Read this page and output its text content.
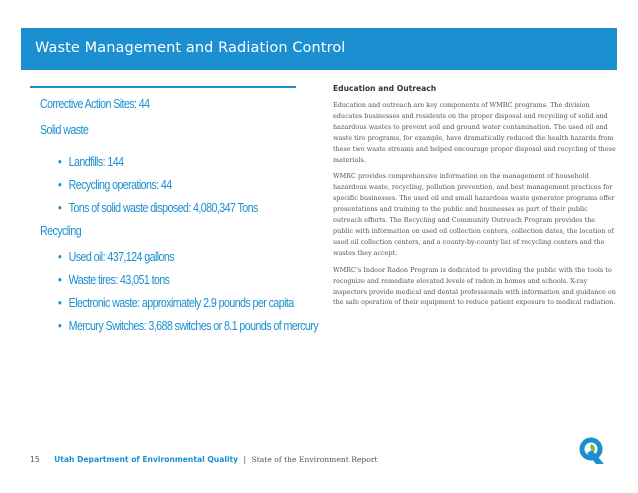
Waste Management and Radiation Control
Corrective Action Sites: 44
Solid waste
• Landfills: 144
• Recycling operations: 44
• Tons of solid waste disposed: 4,080,347 Tons
Recycling
• Used oil: 437,124 gallons
• Waste tires: 43,051 tons
• Electronic waste: approximately 2.9 pounds per capita
• Mercury Switches: 3,688 switches or 8.1 pounds of mercury
Education and Outreach

Education and outreach are key components of WMRC programs. The division educates businesses and residents on the proper disposal and recycling of solid and hazardous wastes to prevent soil and ground water contamination. The used oil and waste tire programs, for example, have dramatically reduced the health hazards from these two waste streams and helped encourage proper disposal and recycling of these materials.

WMRC provides comprehensive information on the management of household hazardous waste, recycling, pollution prevention, and best management practices for specific businesses. The used oil and small hazardous waste generator programs offer presentations and training to the public and businesses as part of their public outreach efforts. The Recycling and Community Outreach Program provides the public with information on used oil collection centers, collection dates, the location of used oil collection centers, and a county-by-county list of recycling centers and the wastes they accept.

WMRC’s Indoor Radon Program is dedicated to providing the public with the tools to recognize and remediate elevated levels of radon in homes and schools. X-ray inspectors provide medical and dental professionals with information and guidance on the safe operation of their equipment to reduce patient exposure to medical radiation.

15 Utah Department of Environmental Quality | State of the Environment Report
